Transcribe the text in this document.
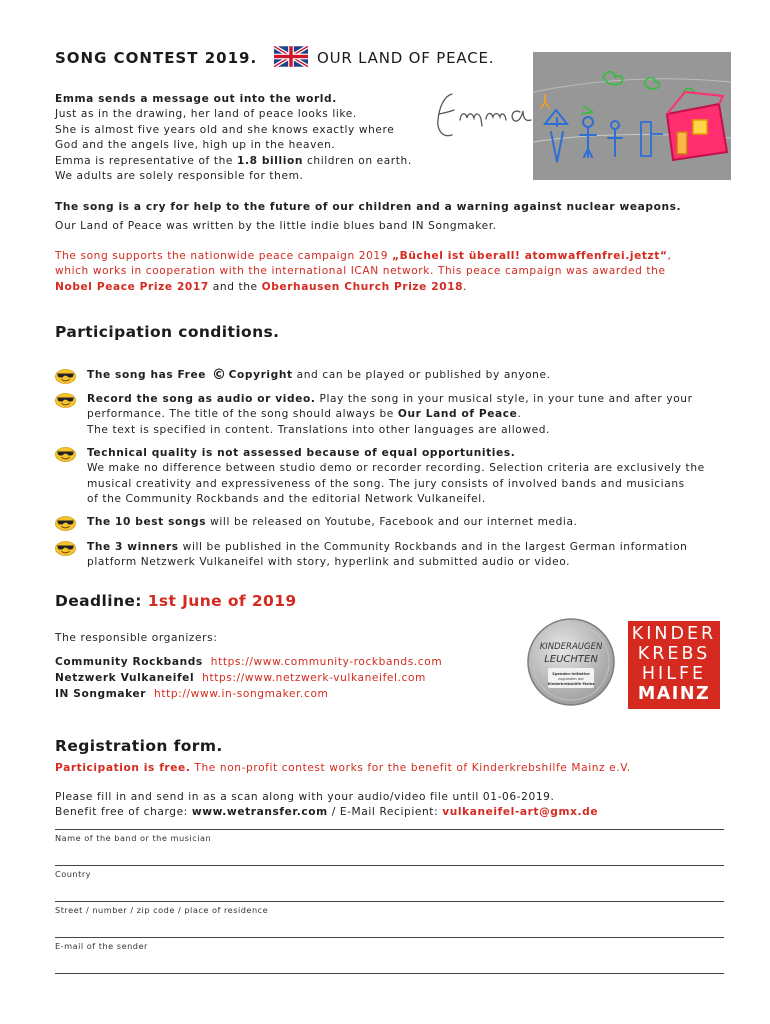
SONG CONTEST 2019.	OUR LAND OF PEACE.
Emma sends a message out into the world.
Just as in the drawing, her land of peace looks like.
She is almost five years old and she knows exactly where
God and the angels live, high up in the heaven.
Emma is representative of the 1.8 billion children on earth.
We adults are solely responsible for them.
The song is a cry for help to the future of our children and a warning against nuclear weapons.
Our Land of Peace was written by the little indie blues band IN Songmaker.
The song supports the nationwide peace campaign 2019 „Büchel ist überall! atomwaffenfrei.jetzt“,
which works in cooperation with the international ICAN network. This peace campaign was awarded the
Nobel Peace Prize 2017 and the Oberhausen Church Prize 2018.
Participation conditions.
The song has Free © Copyright and can be played or published by anyone.
Record the song as audio or video. Play the song in your musical style, in your tune and after your
performance. The title of the song should always be Our Land of Peace.
The text is specified in content. Translations into other languages are allowed.
Technical quality is not assessed because of equal opportunities.
We make no difference between studio demo or recorder recording. Selection criteria are exclusively the
musical creativity and expressiveness of the song. The jury consists of involved bands and musicians
of the Community Rockbands and the editorial Network Vulkaneifel.
The 10 best songs will be released on Youtube, Facebook and our internet media.
The 3 winners will be published in the Community Rockbands and in the largest German information
platform Netzwerk Vulkaneifel with story, hyperlink and submitted audio or video.
Deadline: 1st June of 2019
The responsible organizers:
Community Rockbands https://www.community-rockbands.com
Netzwerk Vulkaneifel https://www.netzwerk-vulkaneifel.com
IN Songmaker http://www.in-songmaker.com
KINDERAUGEN
LEUCHTEN
Spenden-Initiative
zugunsten der
Kinderkrebshilfe Mainz
KINDER
KREBS
HILFE
MAINZ
Registration form.
Participation is free. The non-profit contest works for the benefit of Kinderkrebshilfe Mainz e.V.
Please fill in and send in as a scan along with your audio/video file until 01-06-2019.
Benefit free of charge: www.wetransfer.com / E-Mail Recipient: vulkaneifel-art@gmx.de
Name of the band or the musician
Country
Street / number / zip code / place of residence
E-mail of the sender
